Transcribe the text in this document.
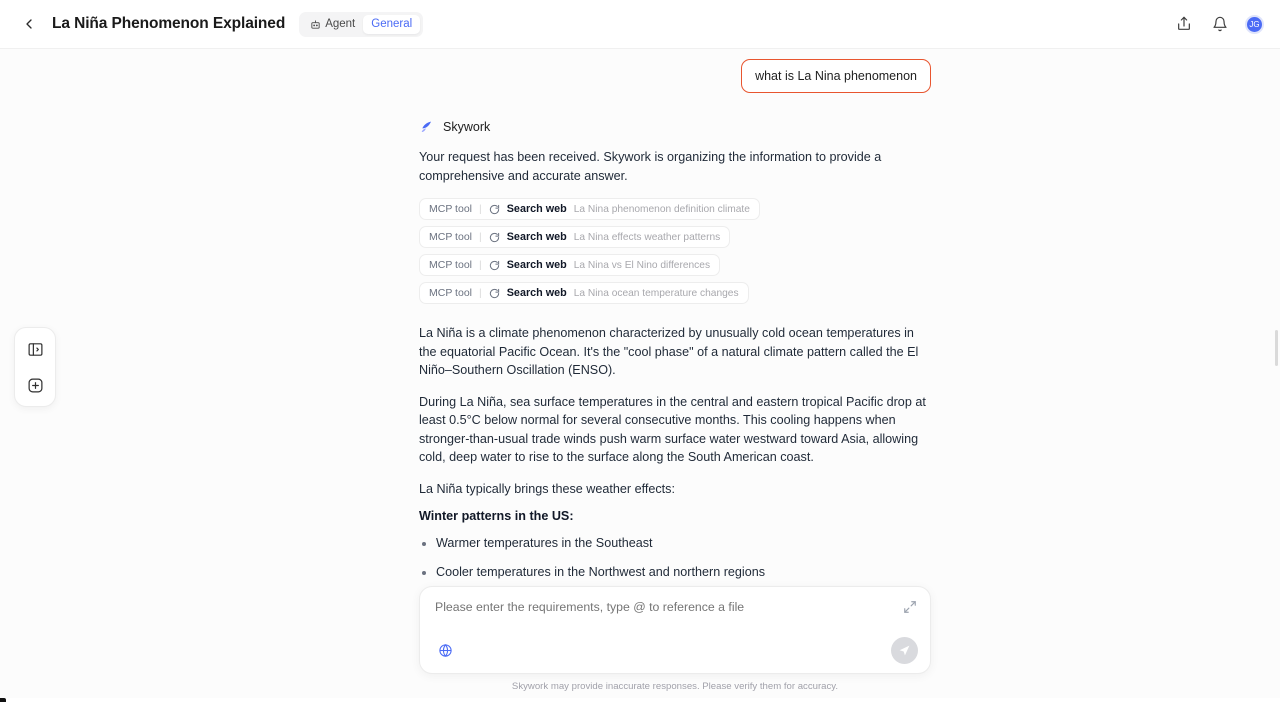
La Niña Phenomenon Explained	Agent General	JG
what is La Nina phenomenon
Skywork

Your request has been received. Skywork is organizing the information to provide a comprehensive and accurate answer.

MCP tool | Search web La Nina phenomenon definition climate
MCP tool | Search web La Nina effects weather patterns
MCP tool | Search web La Nina vs El Nino differences
MCP tool | Search web La Nina ocean temperature changes

La Niña is a climate phenomenon characterized by unusually cold ocean temperatures in the equatorial Pacific Ocean. It's the "cool phase" of a natural climate pattern called the El Niño–Southern Oscillation (ENSO).

During La Niña, sea surface temperatures in the central and eastern tropical Pacific drop at least 0.5°C below normal for several consecutive months. This cooling happens when stronger-than-usual trade winds push warm surface water westward toward Asia, allowing cold, deep water to rise to the surface along the South American coast.

La Niña typically brings these weather effects:

Winter patterns in the US:
• Warmer temperatures in the Southeast
• Cooler temperatures in the Northwest and northern regions
•
Please enter the requirements, type @ to reference a file
Skywork may provide inaccurate responses. Please verify them for accuracy.
